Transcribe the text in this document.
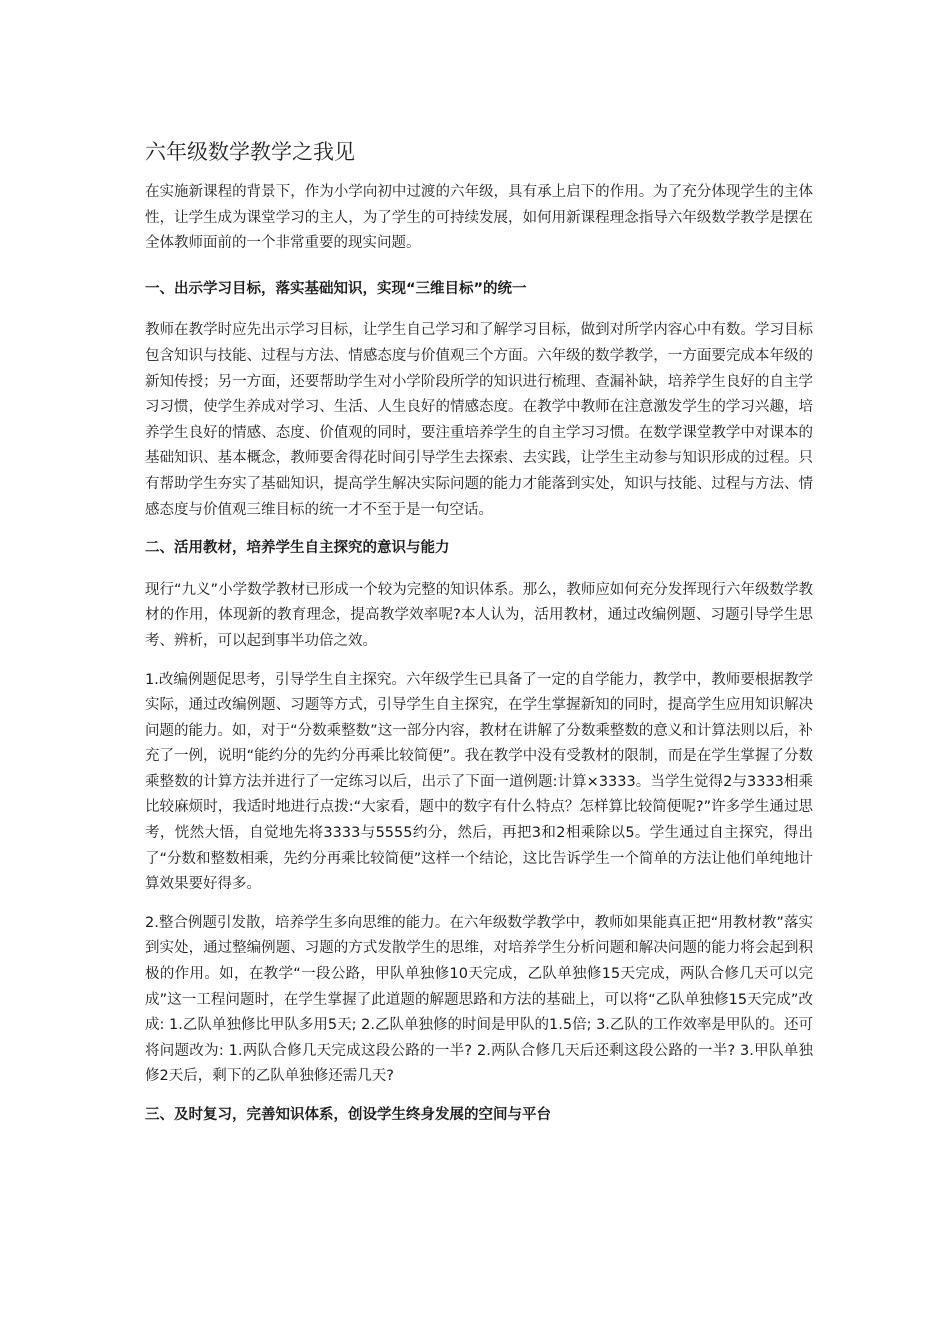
六年级数学教学之我见

在实施新课程的背景下，作为小学向初中过渡的六年级，具有承上启下的作用。为了充分体现学生的主体性，让学生成为课堂学习的主人，为了学生的可持续发展，如何用新课程理念指导六年级数学教学是摆在全体教师面前的一个非常重要的现实问题。

一、出示学习目标，落实基础知识，实现“三维目标”的统一

教师在教学时应先出示学习目标，让学生自己学习和了解学习目标，做到对所学内容心中有数。学习目标包含知识与技能、过程与方法、情感态度与价值观三个方面。六年级的数学教学，一方面要完成本年级的新知传授；另一方面，还要帮助学生对小学阶段所学的知识进行梳理、查漏补缺，培养学生良好的自主学习习惯，使学生养成对学习、生活、人生良好的情感态度。在教学中教师在注意激发学生的学习兴趣，培养学生良好的情感、态度、价值观的同时，要注重培养学生的自主学习习惯。在数学课堂教学中对课本的基础知识、基本概念，教师要舍得花时间引导学生去探索、去实践，让学生主动参与知识形成的过程。只有帮助学生夯实了基础知识，提高学生解决实际问题的能力才能落到实处，知识与技能、过程与方法、情感态度与价值观三维目标的统一才不至于是一句空话。

二、活用教材，培养学生自主探究的意识与能力

现行“九义”小学数学教材已形成一个较为完整的知识体系。那么，教师应如何充分发挥现行六年级数学教材的作用，体现新的教育理念，提高教学效率呢?本人认为，活用教材，通过改编例题、习题引导学生思考、辨析，可以起到事半功倍之效。

1.改编例题促思考，引导学生自主探究。六年级学生已具备了一定的自学能力，教学中，教师要根据教学实际，通过改编例题、习题等方式，引导学生自主探究，在学生掌握新知的同时，提高学生应用知识解决问题的能力。如，对于“分数乘整数”这一部分内容，教材在讲解了分数乘整数的意义和计算法则以后，补充了一例，说明“能约分的先约分再乘比较简便”。我在教学中没有受教材的限制，而是在学生掌握了分数乘整数的计算方法并进行了一定练习以后，出示了下面一道例题:计算×3333。当学生觉得2与3333相乘比较麻烦时，我适时地进行点拨:“大家看，题中的数字有什么特点？怎样算比较简便呢?”许多学生通过思考，恍然大悟，自觉地先将3333与5555约分，然后，再把3和2相乘除以5。学生通过自主探究，得出了“分数和整数相乘，先约分再乘比较简便”这样一个结论，这比告诉学生一个简单的方法让他们单纯地计算效果要好得多。

2.整合例题引发散，培养学生多向思维的能力。在六年级数学教学中，教师如果能真正把“用教材教”落实到实处，通过整编例题、习题的方式发散学生的思维，对培养学生分析问题和解决问题的能力将会起到积极的作用。如，在教学“一段公路，甲队单独修10天完成，乙队单独修15天完成，两队合修几天可以完成”这一工程问题时，在学生掌握了此道题的解题思路和方法的基础上，可以将“乙队单独修15天完成”改成: 1.乙队单独修比甲队多用5天; 2.乙队单独修的时间是甲队的1.5倍; 3.乙队的工作效率是甲队的。还可将问题改为: 1.两队合修几天完成这段公路的一半? 2.两队合修几天后还剩这段公路的一半? 3.甲队单独修2天后，剩下的乙队单独修还需几天?

三、及时复习，完善知识体系，创设学生终身发展的空间与平台
